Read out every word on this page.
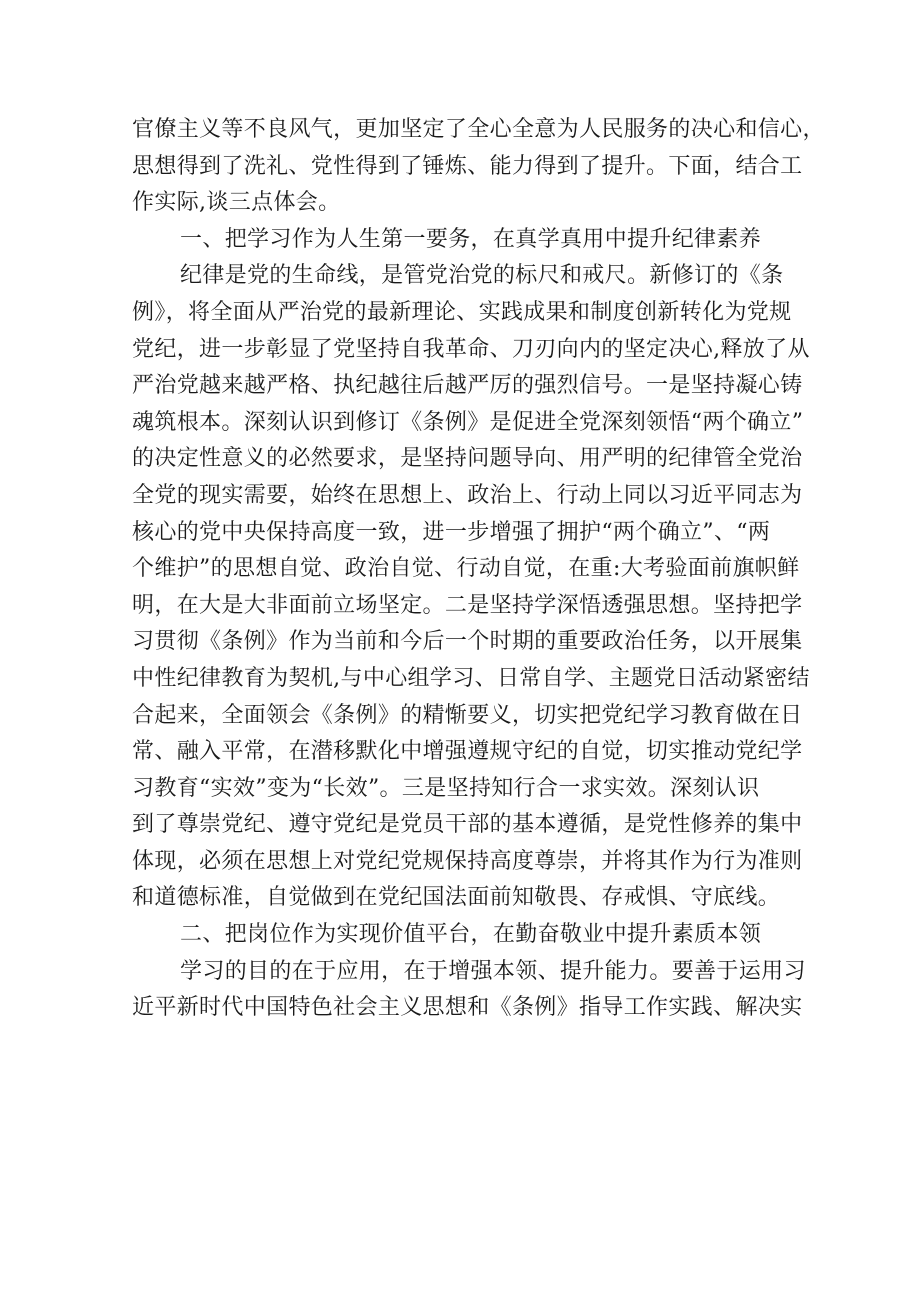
官僚主义等不良风气，更加坚定了全心全意为人民服务的决心和信心，
思想得到了洗礼、党性得到了锤炼、能力得到了提升。下面，结合工
作实际,谈三点体会。
一、把学习作为人生第一要务，在真学真用中提升纪律素养
纪律是党的生命线，是管党治党的标尺和戒尺。新修订的《条
例》，将全面从严治党的最新理论、实践成果和制度创新转化为党规
党纪，进一步彰显了党坚持自我革命、刀刃向内的坚定决心,释放了从
严治党越来越严格、执纪越往后越严厉的强烈信号。一是坚持凝心铸
魂筑根本。深刻认识到修订《条例》是促进全党深刻领悟“两个确立”
的决定性意义的必然要求，是坚持问题导向、用严明的纪律管全党治
全党的现实需要，始终在思想上、政治上、行动上同以习近平同志为
核心的党中央保持高度一致，进一步增强了拥护“两个确立”、“两
个维护”的思想自觉、政治自觉、行动自觉，在重:大考验面前旗帜鲜
明，在大是大非面前立场坚定。二是坚持学深悟透强思想。坚持把学
习贯彻《条例》作为当前和今后一个时期的重要政治任务，以开展集
中性纪律教育为契机,与中心组学习、日常自学、主题党日活动紧密结
合起来，全面领会《条例》的精惭要义，切实把党纪学习教育做在日
常、融入平常，在潜移默化中增强遵规守纪的自觉，切实推动党纪学
习教育“实效”变为“长效”。三是坚持知行合一求实效。深刻认识
到了尊崇党纪、遵守党纪是党员干部的基本遵循，是党性修养的集中
体现，必须在思想上对党纪党规保持高度尊崇，并将其作为行为准则
和道德标准，自觉做到在党纪国法面前知敬畏、存戒惧、守底线。
二、把岗位作为实现价值平台，在勤奋敬业中提升素质本领
学习的目的在于应用，在于增强本领、提升能力。要善于运用习
近平新时代中国特色社会主义思想和《条例》指导工作实践、解决实
